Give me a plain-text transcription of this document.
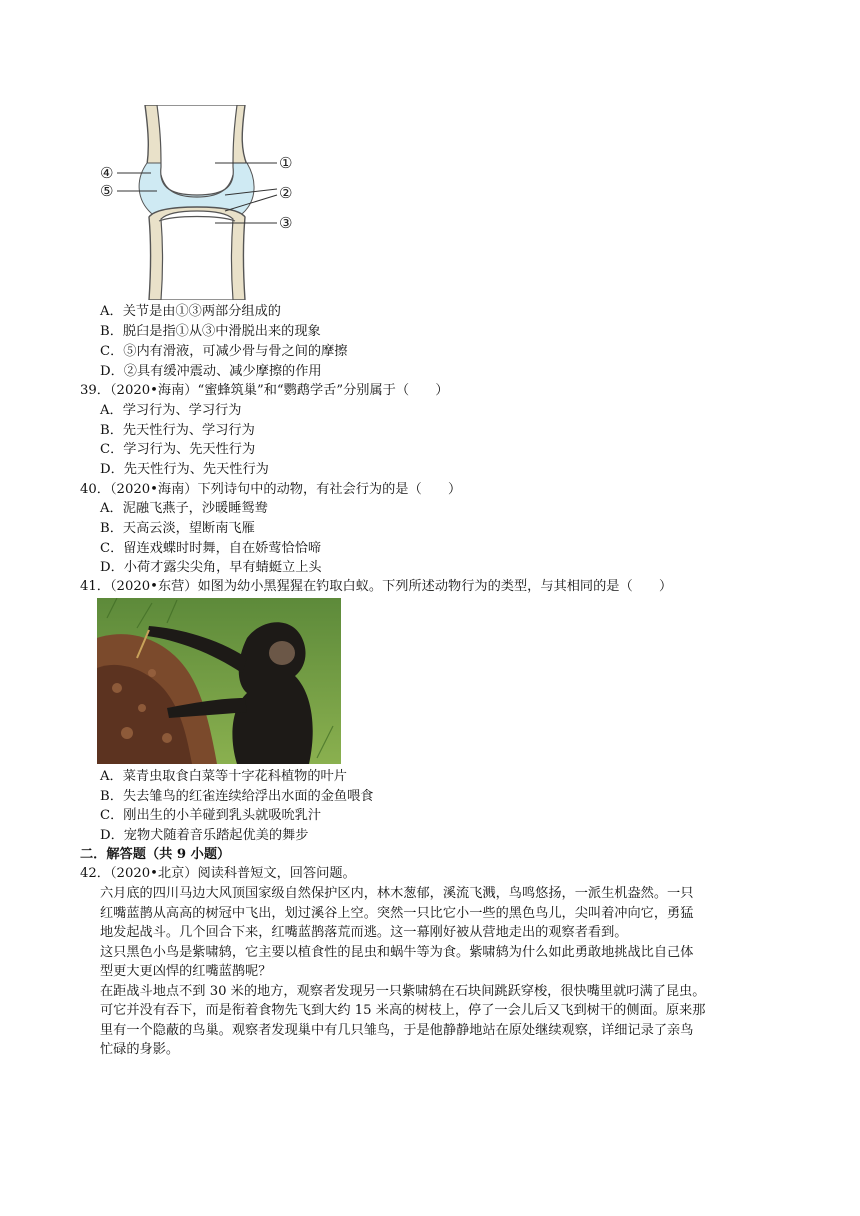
④
⑤
①
②
③
A．关节是由①③两部分组成的
B．脱臼是指①从③中滑脱出来的现象
C．⑤内有滑液，可减少骨与骨之间的摩擦
D．②具有缓冲震动、减少摩擦的作用
39．（2020•海南）“蜜蜂筑巢”和“鹦鹉学舌”分别属于（　　）
A．学习行为、学习行为
B．先天性行为、学习行为
C．学习行为、先天性行为
D．先天性行为、先天性行为
40．（2020•海南）下列诗句中的动物，有社会行为的是（　　）
A．泥融飞燕子，沙暖睡鸳鸯
B．天高云淡，望断南飞雁
C．留连戏蝶时时舞，自在娇莺恰恰啼
D．小荷才露尖尖角，早有蜻蜓立上头
41．（2020•东营）如图为幼小黑猩猩在钓取白蚁。下列所述动物行为的类型，与其相同的是（　　）
A．菜青虫取食白菜等十字花科植物的叶片
B．失去雏鸟的红雀连续给浮出水面的金鱼喂食
C．刚出生的小羊碰到乳头就吸吮乳汁
D．宠物犬随着音乐踏起优美的舞步
二．解答题（共 9 小题）
42．（2020•北京）阅读科普短文，回答问题。
六月底的四川马边大风顶国家级自然保护区内，林木葱郁，溪流飞溅，鸟鸣悠扬，一派生机盎然。一只
红嘴蓝鹊从高高的树冠中飞出，划过溪谷上空。突然一只比它小一些的黑色鸟儿，尖叫着冲向它，勇猛
地发起战斗。几个回合下来，红嘴蓝鹊落荒而逃。这一幕刚好被从营地走出的观察者看到。
这只黑色小鸟是紫啸鸫，它主要以植食性的昆虫和蜗牛等为食。紫啸鸫为什么如此勇敢地挑战比自己体
型更大更凶悍的红嘴蓝鹊呢？
在距战斗地点不到 30 米的地方，观察者发现另一只紫啸鸫在石块间跳跃穿梭，很快嘴里就叼满了昆虫。
可它并没有吞下，而是衔着食物先飞到大约 15 米高的树枝上，停了一会儿后又飞到树干的侧面。原来那
里有一个隐蔽的鸟巢。观察者发现巢中有几只雏鸟，于是他静静地站在原处继续观察，详细记录了亲鸟
忙碌的身影。
